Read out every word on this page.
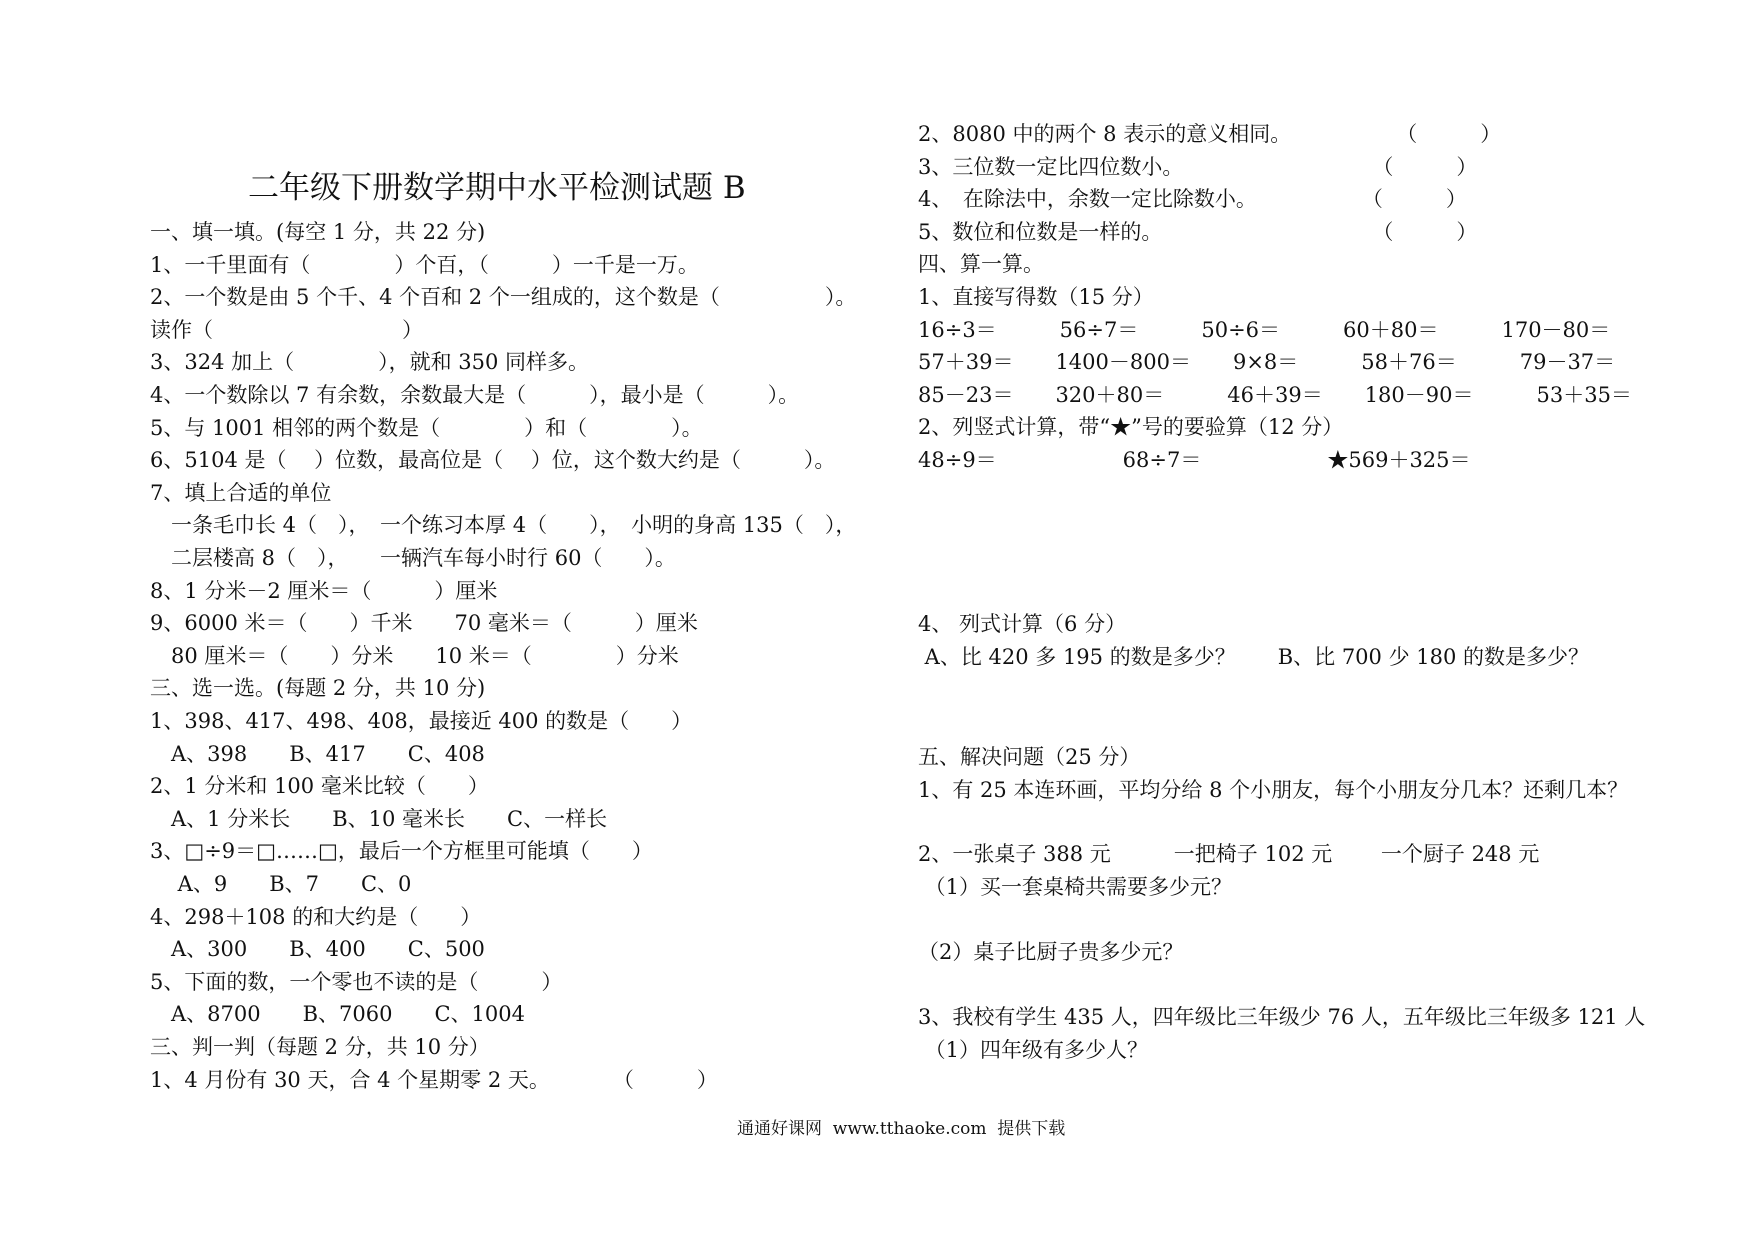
二年级下册数学期中水平检测试题 B
一、填一填。(每空 1 分，共 22 分)
1、一千里面有（　　　　）个百，（　　　）一千是一万。
2、一个数是由 5 个千、4 个百和 2 个一组成的，这个数是（　　　　　）。
读作（　　　　　　　　　）
3、324 加上（　　　　），就和 350 同样多。
4、一个数除以 7 有余数，余数最大是（　　　），最小是（　　　）。
5、与 1001 相邻的两个数是（　　　　）和（　　　　）。
6、5104 是（　 ）位数，最高位是（　 ）位，这个数大约是（　　　）。
7、填上合适的单位
　一条毛巾长 4（　），　一个练习本厚 4（　　），　小明的身高 135（　），
　二层楼高 8（　），　　一辆汽车每小时行 60（　　）。
8、1 分米－2 厘米＝（　　　）厘米
9、6000 米＝（　　）千米　　70 毫米＝（　　　）厘米
　80 厘米＝（　　）分米　　10 米＝（　　　　）分米
三、选一选。(每题 2 分，共 10 分)
1、398、417、498、408，最接近 400 的数是（　　）
　A、398　　B、417　　C、408
2、1 分米和 100 毫米比较（　　）
　A、1 分米长　　B、10 毫米长　　C、一样长
3、□÷9＝□……□，最后一个方框里可能填（　　）
　 A、9　　B、7　　C、0
4、298＋108 的和大约是（　　）
　A、300　　B、400　　C、500
5、下面的数，一个零也不读的是（　　　）
　A、8700　　B、7060　　C、1004
三、判一判（每题 2 分，共 10 分）
1、4 月份有 30 天，合 4 个星期零 2 天。　　　　（　　　）
2、8080 中的两个 8 表示的意义相同。　　　　　　（　　　）
3、三位数一定比四位数小。　　　　　　　　　　（　　　）
4、　在除法中，余数一定比除数小。　　　　　　（　　　）
5、数位和位数是一样的。　　　　　　　　　　　（　　　）
四、算一算。
1、直接写得数（15 分）
16÷3＝　　　56÷7＝　　　50÷6＝　　　60＋80＝　　　170－80＝
57＋39＝　　1400－800＝　　9×8＝　　　58＋76＝　　　79－37＝
85－23＝　　320＋80＝　　　46＋39＝　　180－90＝　　　53＋35＝
2、列竖式计算，带“★”号的要验算（12 分）
48÷9＝　　　　　　68÷7＝　　　　　　★569＋325＝
4、 列式计算（6 分）
A、比 420 多 195 的数是多少？　　B、比 700 少 180 的数是多少？
五、解决问题（25 分）
1、有 25 本连环画，平均分给 8 个小朋友，每个小朋友分几本？还剩几本？
2、一张桌子 388 元　　　一把椅子 102 元　　 一个厨子 248 元
（1）买一套桌椅共需要多少元？
（2）桌子比厨子贵多少元？
3、我校有学生 435 人，四年级比三年级少 76 人，五年级比三年级多 121 人
（1）四年级有多少人？
通通好课网  www.tthaoke.com  提供下载
